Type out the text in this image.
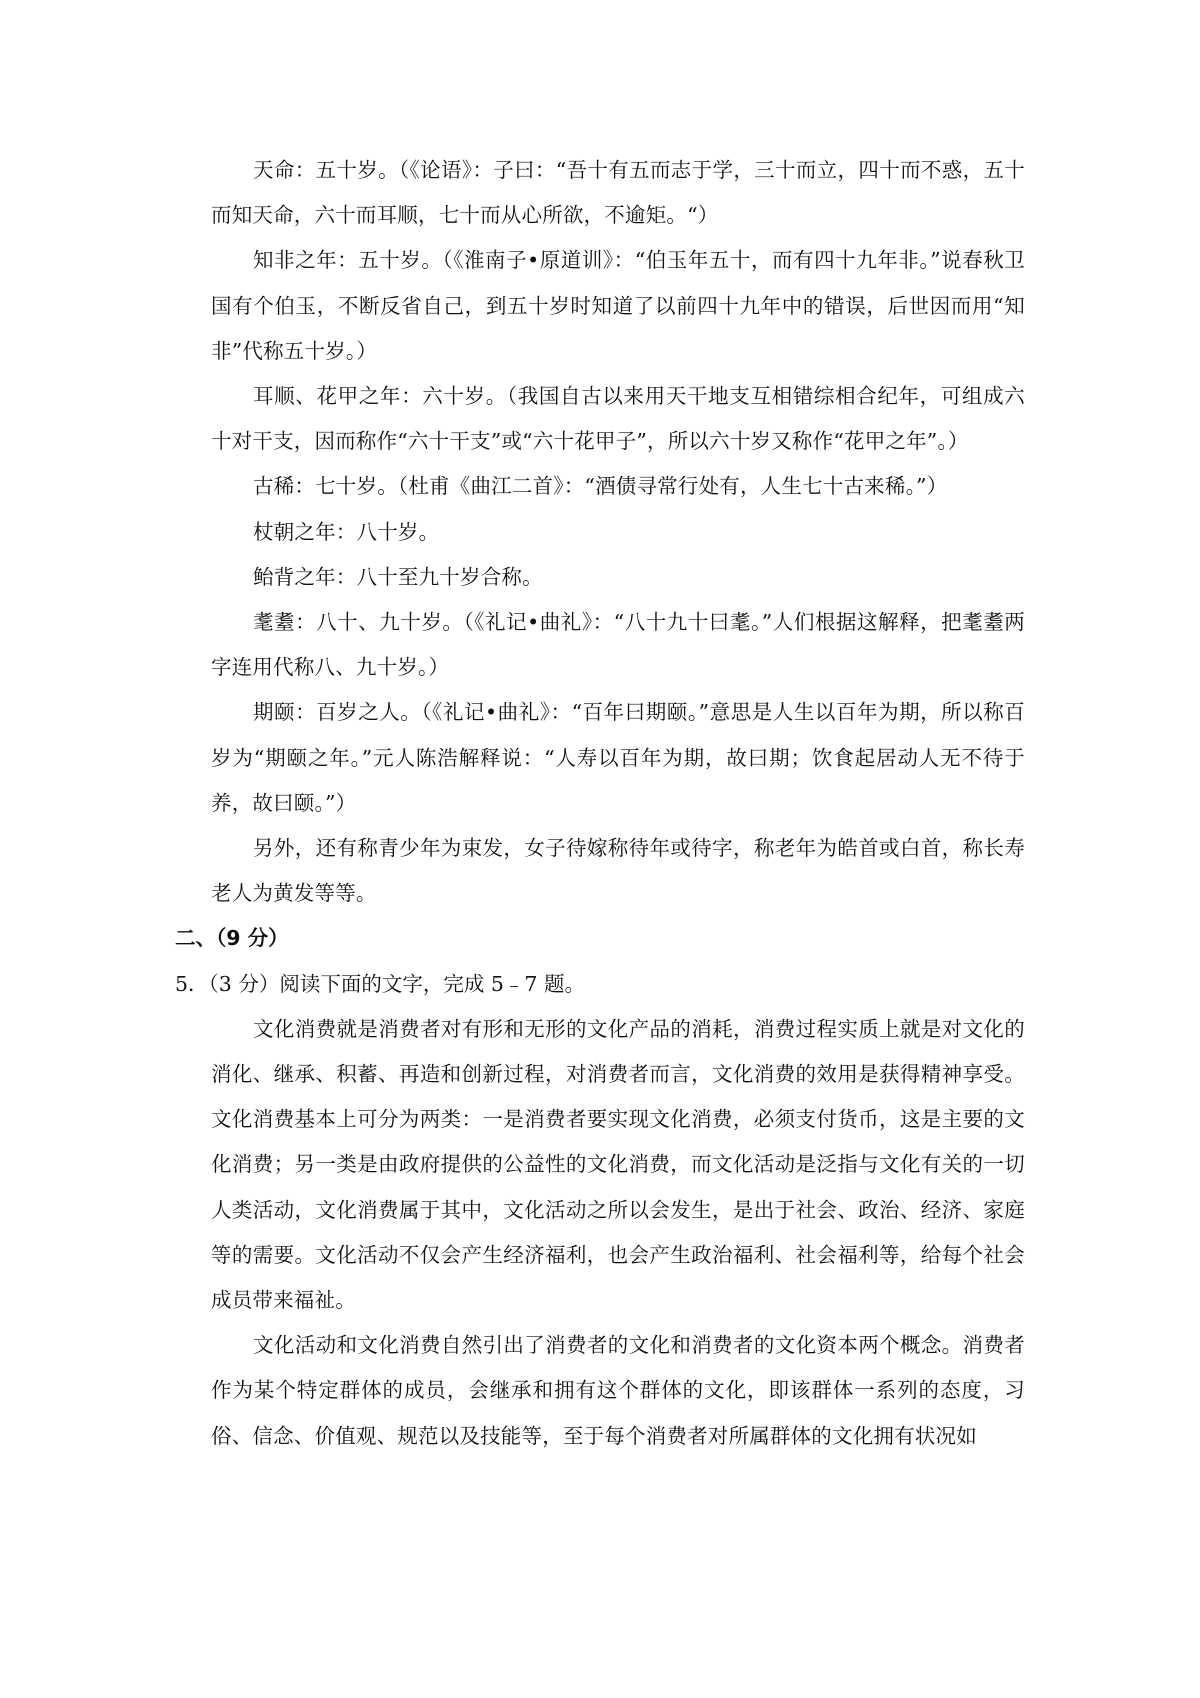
天命：五十岁。（《论语》：子曰：“吾十有五而志于学，三十而立，四十而不惑，五十而知天命，六十而耳顺，七十而从心所欲，不逾矩。“）

知非之年：五十岁。（《淮南子•原道训》：“伯玉年五十，而有四十九年非。”说春秋卫国有个伯玉，不断反省自己，到五十岁时知道了以前四十九年中的错误，后世因而用“知非”代称五十岁。）

耳顺、花甲之年：六十岁。（我国自古以来用天干地支互相错综相合纪年，可组成六十对干支，因而称作“六十干支”或“六十花甲子”，所以六十岁又称作“花甲之年”。）

古稀：七十岁。（杜甫《曲江二首》：“酒债寻常行处有，人生七十古来稀。”）

杖朝之年：八十岁。

鲐背之年：八十至九十岁合称。

耄耋：八十、九十岁。（《礼记•曲礼》：“八十九十曰耄。”人们根据这解释，把耄耋两字连用代称八、九十岁。）

期颐：百岁之人。（《礼记•曲礼》：“百年曰期颐。”意思是人生以百年为期，所以称百岁为“期颐之年。”元人陈浩解释说：“人寿以百年为期，故曰期；饮食起居动人无不待于养，故曰颐。”）

另外，还有称青少年为束发，女子待嫁称待年或待字，称老年为皓首或白首，称长寿老人为黄发等等。

二、（9 分）

5．（3 分）阅读下面的文字，完成 5﹣7 题。

文化消费就是消费者对有形和无形的文化产品的消耗，消费过程实质上就是对文化的消化、继承、积蓄、再造和创新过程，对消费者而言，文化消费的效用是获得精神享受。文化消费基本上可分为两类：一是消费者要实现文化消费，必须支付货币，这是主要的文化消费；另一类是由政府提供的公益性的文化消费，而文化活动是泛指与文化有关的一切人类活动，文化消费属于其中，文化活动之所以会发生，是出于社会、政治、经济、家庭等的需要。文化活动不仅会产生经济福利，也会产生政治福利、社会福利等，给每个社会成员带来福祉。

文化活动和文化消费自然引出了消费者的文化和消费者的文化资本两个概念。消费者作为某个特定群体的成员，会继承和拥有这个群体的文化，即该群体一系列的态度，习俗、信念、价值观、规范以及技能等，至于每个消费者对所属群体的文化拥有状况如
